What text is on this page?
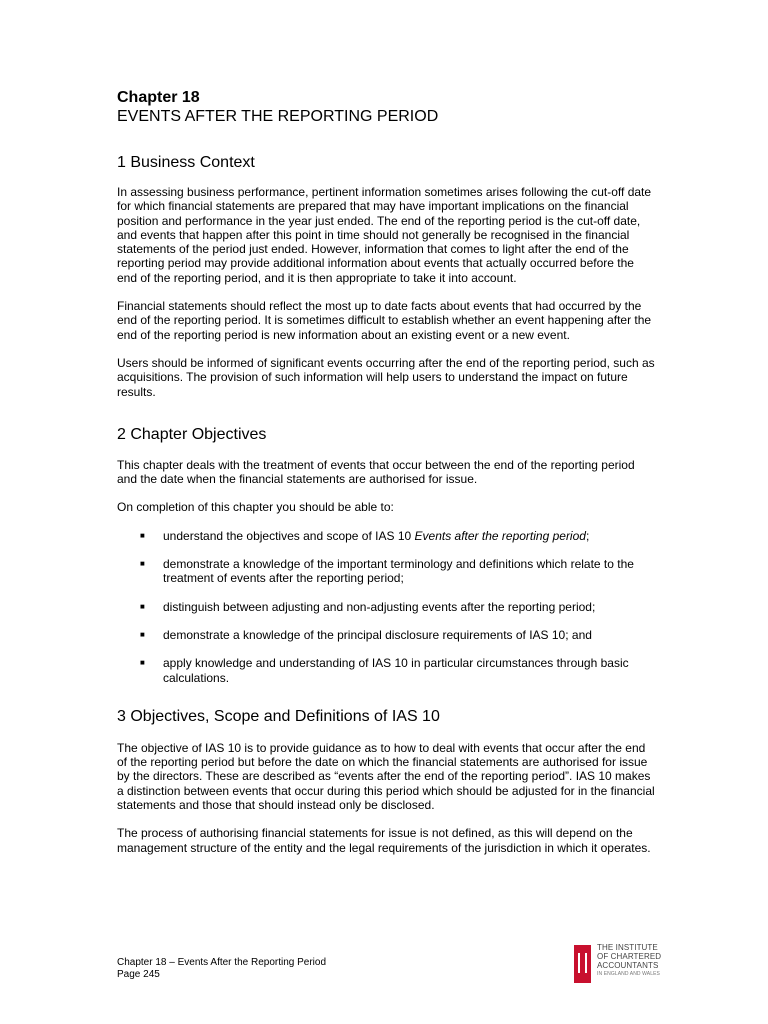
Chapter 18
EVENTS AFTER THE REPORTING PERIOD
1 Business Context

In assessing business performance, pertinent information sometimes arises following the cut-off date for which financial statements are prepared that may have important implications on the financial position and performance in the year just ended. The end of the reporting period is the cut-off date, and events that happen after this point in time should not generally be recognised in the financial statements of the period just ended. However, information that comes to light after the end of the reporting period may provide additional information about events that actually occurred before the end of the reporting period, and it is then appropriate to take it into account.

Financial statements should reflect the most up to date facts about events that had occurred by the end of the reporting period. It is sometimes difficult to establish whether an event happening after the end of the reporting period is new information about an existing event or a new event.

Users should be informed of significant events occurring after the end of the reporting period, such as acquisitions. The provision of such information will help users to understand the impact on future results.

2 Chapter Objectives

This chapter deals with the treatment of events that occur between the end of the reporting period and the date when the financial statements are authorised for issue.

On completion of this chapter you should be able to:

■ understand the objectives and scope of IAS 10 Events after the reporting period;
■ demonstrate a knowledge of the important terminology and definitions which relate to the treatment of events after the reporting period;
■ distinguish between adjusting and non-adjusting events after the reporting period;
■ demonstrate a knowledge of the principal disclosure requirements of IAS 10; and
■ apply knowledge and understanding of IAS 10 in particular circumstances through basic calculations.
3 Objectives, Scope and Definitions of IAS 10

The objective of IAS 10 is to provide guidance as to how to deal with events that occur after the end of the reporting period but before the date on which the financial statements are authorised for issue by the directors. These are described as “events after the end of the reporting period”. IAS 10 makes a distinction between events that occur during this period which should be adjusted for in the financial statements and those that should instead only be disclosed.

The process of authorising financial statements for issue is not defined, as this will depend on the management structure of the entity and the legal requirements of the jurisdiction in which it operates.

Chapter 18 – Events After the Reporting Period
Page 245
THE INSTITUTE
OF CHARTERED
ACCOUNTANTS
IN ENGLAND AND WALES
